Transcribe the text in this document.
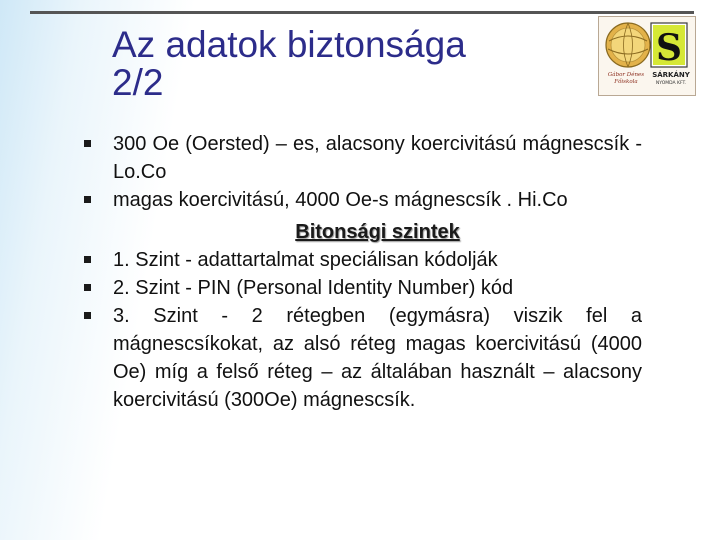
Az adatok biztonsága
2/2	Gábor Dénes
Főiskola
S
SÁRKÁNY
NYOMDA KFT.
300 Oe (Oersted) – es, alacsony koercivitású mágnescsík - Lo.Co
magas koercivitású, 4000 Oe-s mágnescsík . Hi.Co
Bitonsági szintek
1. Szint - adattartalmat speciálisan kódolják
2. Szint - PIN (Personal Identity Number) kód
3. Szint - 2 rétegben (egymásra) viszik fel a mágnescsíkokat, az alsó réteg magas koercivitású (4000 Oe) míg a felső réteg – az általában használt – alacsony koercivitású (300Oe) mágnescsík.
